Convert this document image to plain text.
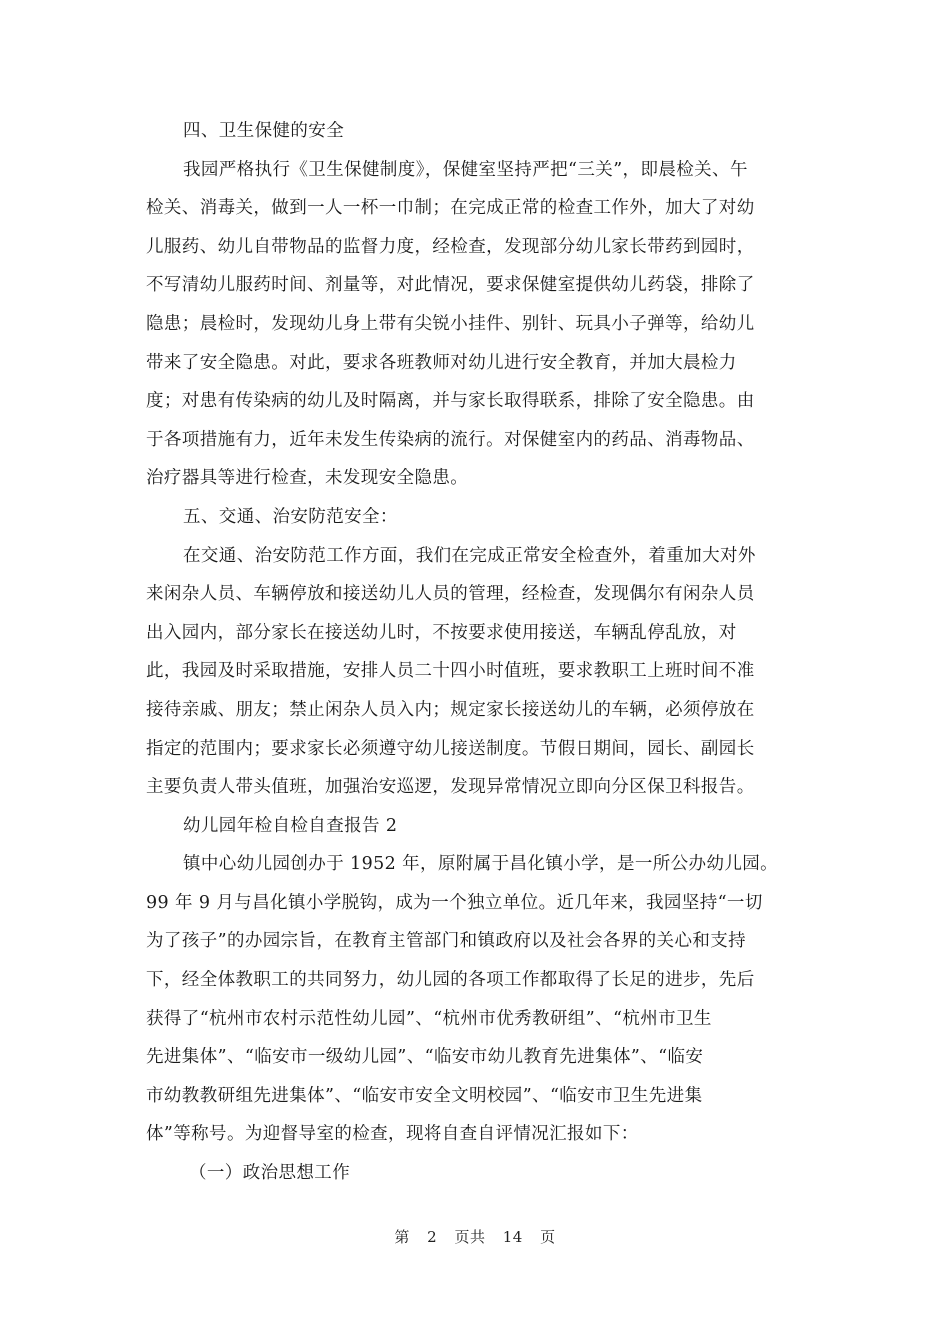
四、卫生保健的安全
我园严格执行《卫生保健制度》，保健室坚持严把“三关”，即晨检关、午
检关、消毒关，做到一人一杯一巾制；在完成正常的检查工作外，加大了对幼
儿服药、幼儿自带物品的监督力度，经检查，发现部分幼儿家长带药到园时，
不写清幼儿服药时间、剂量等，对此情况，要求保健室提供幼儿药袋，排除了
隐患；晨检时，发现幼儿身上带有尖锐小挂件、别针、玩具小子弹等，给幼儿
带来了安全隐患。对此，要求各班教师对幼儿进行安全教育，并加大晨检力
度；对患有传染病的幼儿及时隔离，并与家长取得联系，排除了安全隐患。由
于各项措施有力，近年未发生传染病的流行。对保健室内的药品、消毒物品、
治疗器具等进行检查，未发现安全隐患。
五、交通、治安防范安全：
在交通、治安防范工作方面，我们在完成正常安全检查外，着重加大对外
来闲杂人员、车辆停放和接送幼儿人员的管理，经检查，发现偶尔有闲杂人员
出入园内，部分家长在接送幼儿时，不按要求使用接送，车辆乱停乱放，对
此，我园及时采取措施，安排人员二十四小时值班，要求教职工上班时间不准
接待亲戚、朋友；禁止闲杂人员入内；规定家长接送幼儿的车辆，必须停放在
指定的范围内；要求家长必须遵守幼儿接送制度。节假日期间，园长、副园长
主要负责人带头值班，加强治安巡逻，发现异常情况立即向分区保卫科报告。
幼儿园年检自检自查报告 2
镇中心幼儿园创办于 1952 年，原附属于昌化镇小学，是一所公办幼儿园。
99 年 9 月与昌化镇小学脱钩，成为一个独立单位。近几年来，我园坚持“一切
为了孩子”的办园宗旨，在教育主管部门和镇政府以及社会各界的关心和支持
下，经全体教职工的共同努力，幼儿园的各项工作都取得了长足的进步，先后
获得了“杭州市农村示范性幼儿园”、“杭州市优秀教研组”、“杭州市卫生
先进集体”、“临安市一级幼儿园”、“临安市幼儿教育先进集体”、“临安
市幼教教研组先进集体”、“临安市安全文明校园”、“临安市卫生先进集
体”等称号。为迎督导室的检查，现将自查自评情况汇报如下：
（一）政治思想工作
第 2 页共 14 页
